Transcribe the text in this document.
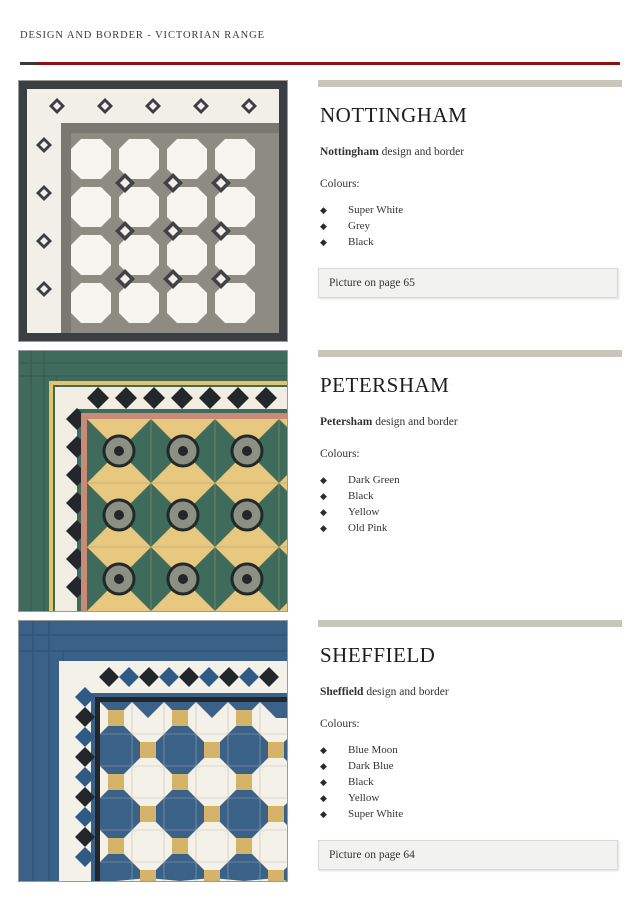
DESIGN AND BORDER - VICTORIAN RANGE
NOTTINGHAM

Nottingham design and border

Colours:

◆ Super White
◆ Grey
◆ Black
Picture on page 65
PETERSHAM

Petersham design and border

Colours:

◆ Dark Green
◆ Black
◆ Yellow
◆ Old Pink
SHEFFIELD

Sheffield design and border

Colours:

◆ Blue Moon
◆ Dark Blue
◆ Black
◆ Yellow
◆ Super White
Picture on page 64
